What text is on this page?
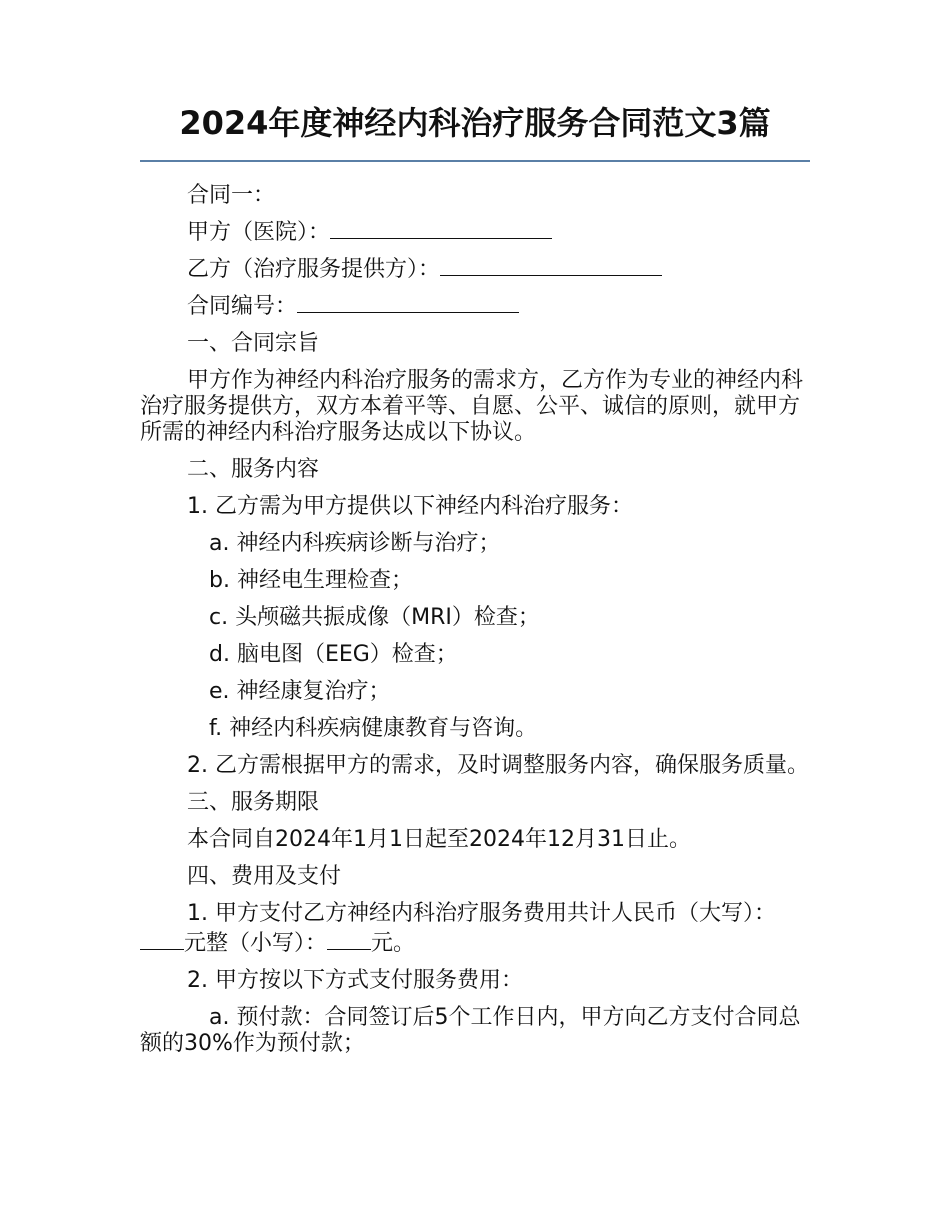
2024年度神经内科治疗服务合同范文3篇

合同一：

甲方（医院）：

乙方（治疗服务提供方）：

合同编号：

一、合同宗旨

甲方作为神经内科治疗服务的需求方，乙方作为专业的神经内科治疗服务提供方，双方本着平等、自愿、公平、诚信的原则，就甲方所需的神经内科治疗服务达成以下协议。

二、服务内容

1. 乙方需为甲方提供以下神经内科治疗服务：

a. 神经内科疾病诊断与治疗；

b. 神经电生理检查；

c. 头颅磁共振成像（MRI）检查；

d. 脑电图（EEG）检查；

e. 神经康复治疗；

f. 神经内科疾病健康教育与咨询。

2. 乙方需根据甲方的需求，及时调整服务内容，确保服务质量。

三、服务期限

本合同自2024年1月1日起至2024年12月31日止。

四、费用及支付

1. 甲方支付乙方神经内科治疗服务费用共计人民币（大写）：元整（小写）： 元。

2. 甲方按以下方式支付服务费用：

a. 预付款：合同签订后5个工作日内，甲方向乙方支付合同总额的30%作为预付款；
